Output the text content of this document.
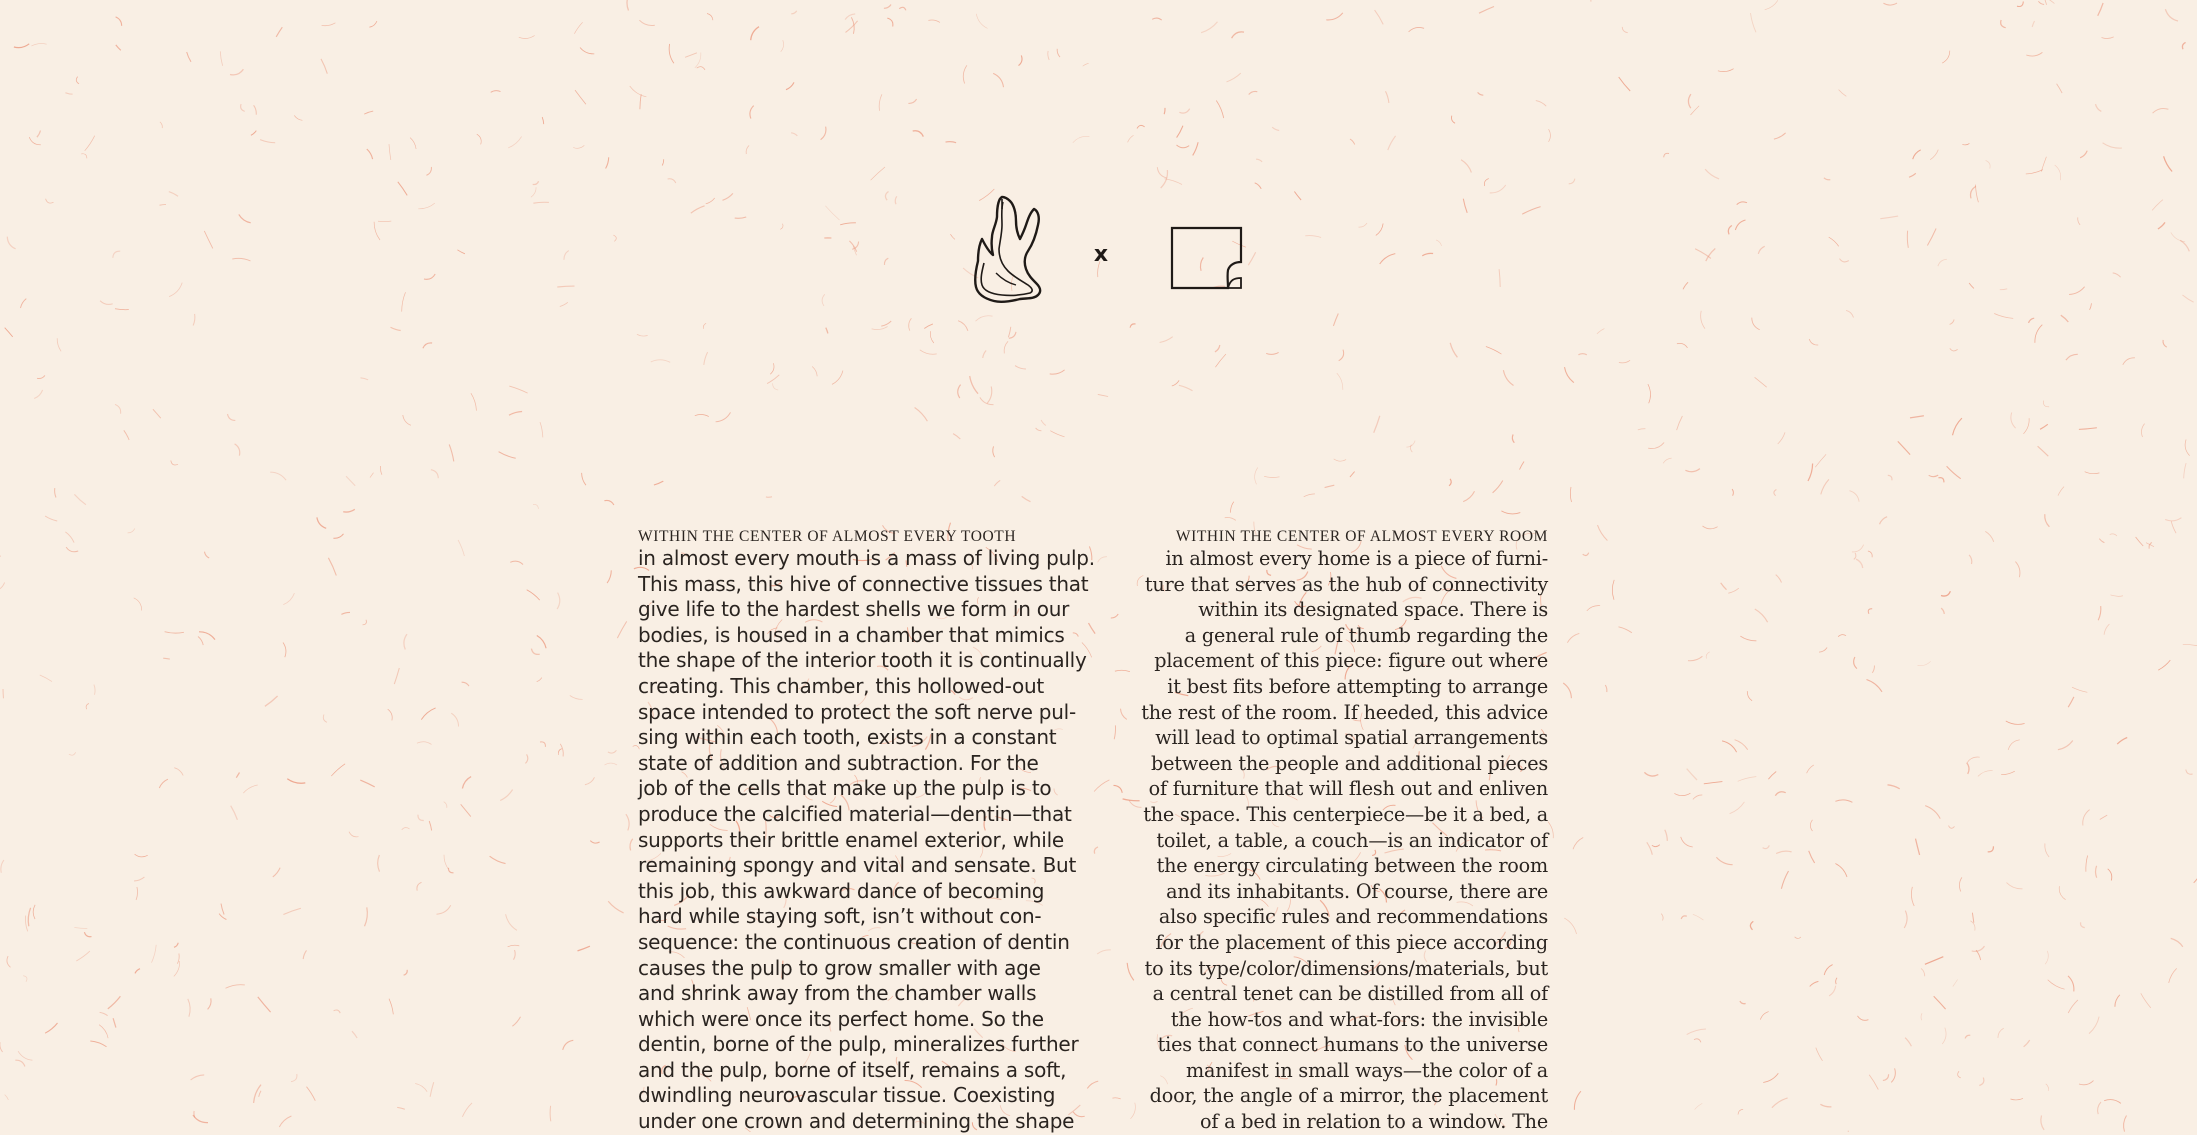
x
WITHIN THE CENTER OF ALMOST EVERY TOOTH
in almost every mouth is a mass of living pulp.
This mass, this hive of connective tissues that
give life to the hardest shells we form in our
bodies, is housed in a chamber that mimics
the shape of the interior tooth it is continually
creating. This chamber, this hollowed-out
space intended to protect the soft nerve pul-
sing within each tooth, exists in a constant
state of addition and subtraction. For the
job of the cells that make up the pulp is to
produce the calcified material—dentin—that
supports their brittle enamel exterior, while
remaining spongy and vital and sensate. But
this job, this awkward dance of becoming
hard while staying soft, isn’t without con-
sequence: the continuous creation of dentin
causes the pulp to grow smaller with age
and shrink away from the chamber walls
which were once its perfect home. So the
dentin, borne of the pulp, mineralizes further
and the pulp, borne of itself, remains a soft,
dwindling neurovascular tissue. Coexisting
under one crown and determining the shape
WITHIN THE CENTER OF ALMOST EVERY ROOM
in almost every home is a piece of furni-
ture that serves as the hub of connectivity
within its designated space. There is
a general rule of thumb regarding the
placement of this piece: figure out where
it best fits before attempting to arrange
the rest of the room. If heeded, this advice
will lead to optimal spatial arrangements
between the people and additional pieces
of furniture that will flesh out and enliven
the space. This centerpiece—be it a bed, a
toilet, a table, a couch—is an indicator of
the energy circulating between the room
and its inhabitants. Of course, there are
also specific rules and recommendations
for the placement of this piece according
to its type/color/dimensions/materials, but
a central tenet can be distilled from all of
the how-tos and what-fors: the invisible
ties that connect humans to the universe
manifest in small ways—the color of a
door, the angle of a mirror, the placement
of a bed in relation to a window. The
